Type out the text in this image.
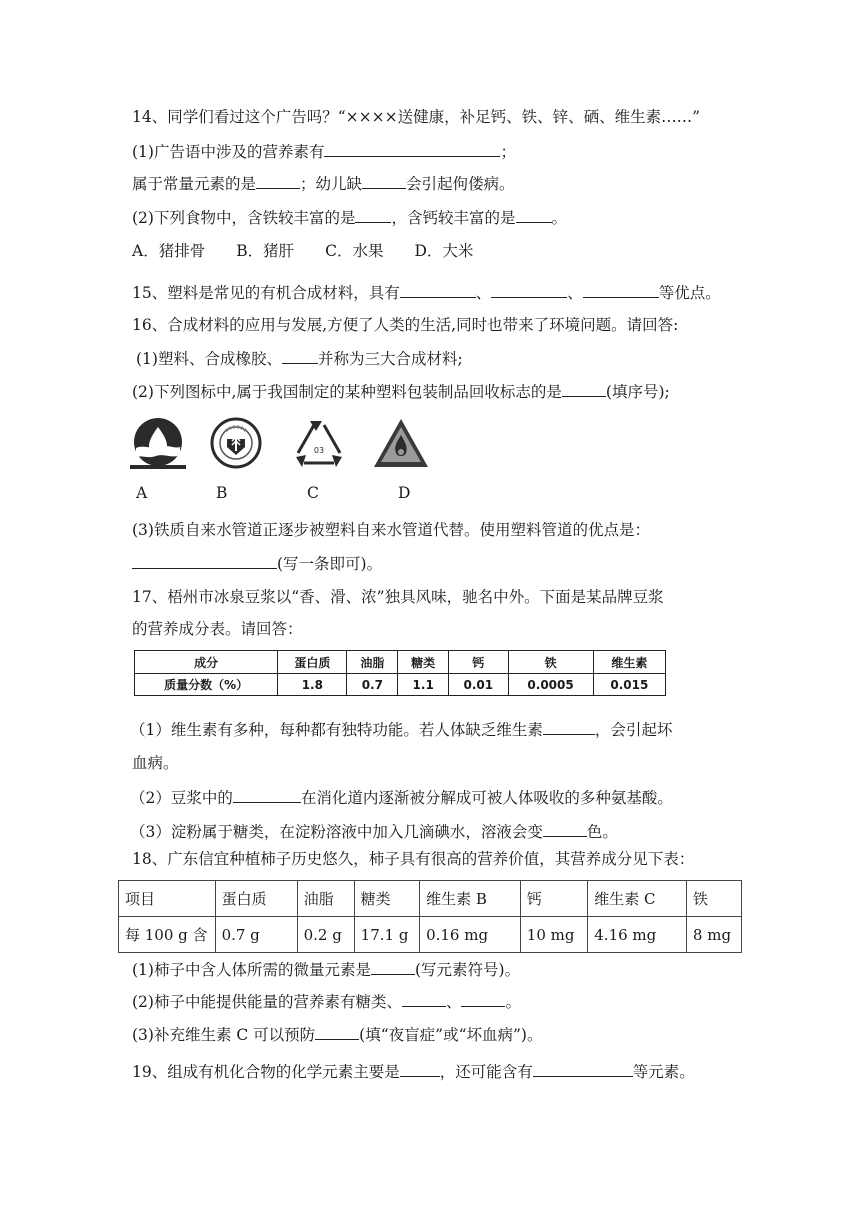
14、同学们看过这个广告吗？“××××送健康，补足钙、铁、锌、硒、维生素……”
(1)广告语中涉及的营养素有	；
属于常量元素的是	；幼儿缺	会引起佝偻病。
(2)下列食物中，含铁较丰富的是 ，含钙较丰富的是 。
A．猪排骨　　B．猪肝　　C．水果　　D．大米
15、塑料是常见的有机合成材料，具有	、	、	等优点。
16、合成材料的应用与发展,方便了人类的生活,同时也带来了环境问题。请回答:
(1)塑料、合成橡胶、 并称为三大合成材料;
(2)下列图标中,属于我国制定的某种塑料包装制品回收标志的是	(填序号);
03
A	B	C	D
(3)铁质自来水管道正逐步被塑料自来水管道代替。使用塑料管道的优点是：
(写一条即可)。
17、梧州市冰泉豆浆以“香、滑、浓”独具风味，驰名中外。下面是某品牌豆浆
的营养成分表。请回答：
成分	蛋白质	油脂	糖类	钙	铁	维生素
质量分数（%）	1.8	0.7	1.1	0.01	0.0005	0.015
（1）维生素有多种，每种都有独特功能。若人体缺乏维生素	，会引起坏
血病。
（2）豆浆中的	在消化道内逐渐被分解成可被人体吸收的多种氨基酸。
（3）淀粉属于糖类，在淀粉溶液中加入几滴碘水，溶液会变	色。
18、广东信宜种植柿子历史悠久，柿子具有很高的营养价值，其营养成分见下表：
项目	蛋白质	油脂	糖类	维生素 B	钙	维生素 C	铁
每 100 g 含	0.7 g	0.2 g	17.1 g	0.16 mg	10 mg	4.16 mg	8 mg
(1)柿子中含人体所需的微量元素是	(写元素符号)。
(2)柿子中能提供能量的营养素有糖类、	、	。
(3)补充维生素 C 可以预防	(填“夜盲症”或“坏血病”)。
19、组成有机化合物的化学元素主要是	，还可能含有	等元素。
